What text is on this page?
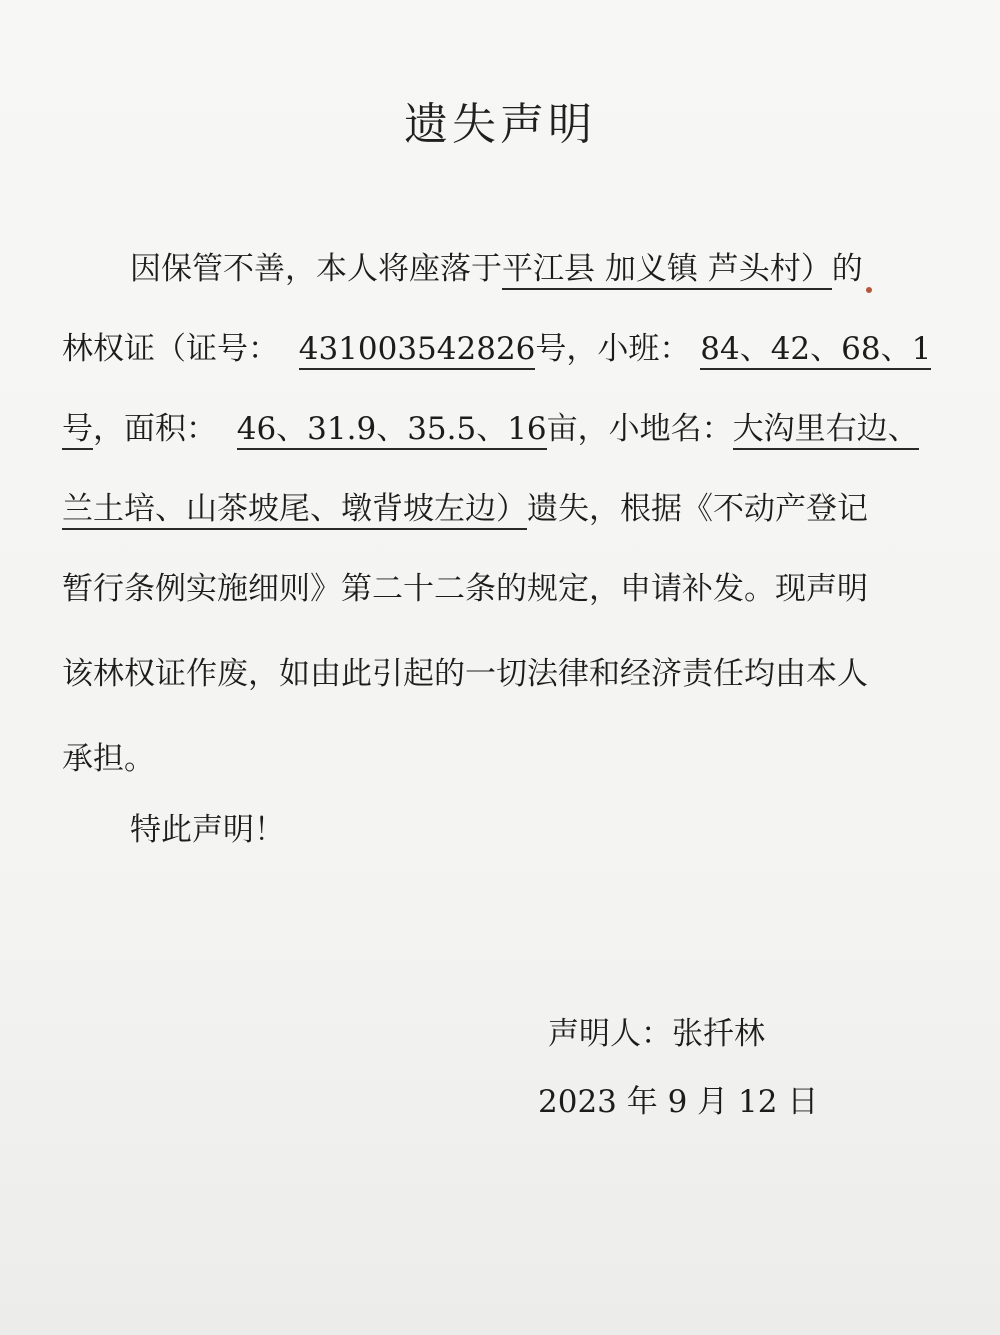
遗失声明
因保管不善，本人将座落于平江县 加义镇 芦头村）的
林权证（证号： 431003542826号，小班： 84、42、68、1
号，面积： 46、31.9、35.5、16亩，小地名：大沟里右边、
兰土培、山茶坡尾、墩背坡左边）遗失，根据《不动产登记
暂行条例实施细则》第二十二条的规定，申请补发。现声明
该林权证作废，如由此引起的一切法律和经济责任均由本人
承担。
特此声明！
声明人：张扦林
2023 年 9 月 12 日
